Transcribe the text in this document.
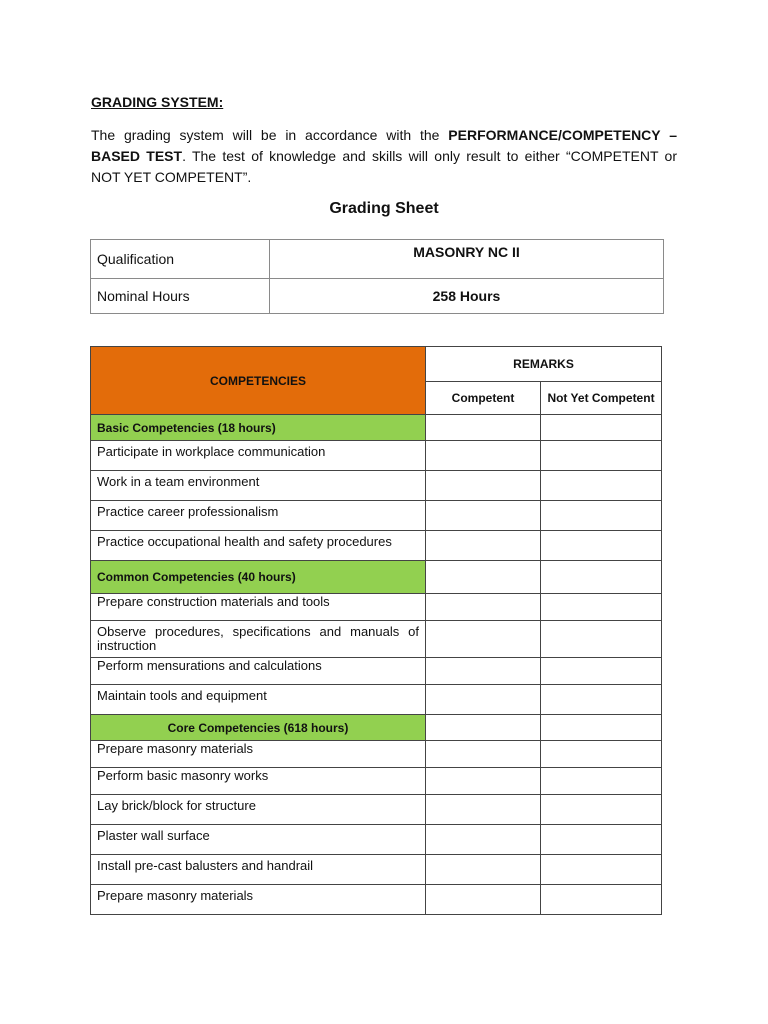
GRADING SYSTEM:
The grading system will be in accordance with the PERFORMANCE/COMPETENCY – BASED TEST. The test of knowledge and skills will only result to either “COMPETENT or NOT YET COMPETENT”.
Grading Sheet
Qualification	MASONRY NC II
Nominal Hours	258 Hours
COMPETENCIES	REMARKS	
	Competent	Not Yet Competent
Basic Competencies (18 hours)		
Participate in workplace communication		
Work in a team environment		
Practice career professionalism		
Practice occupational health and safety procedures		
Common Competencies (40 hours)		
Prepare construction materials and tools		
Observe procedures, specifications and manuals of instruction		
Perform mensurations and calculations		
Maintain tools and equipment		
Core Competencies (618 hours)		
Prepare masonry materials		
Perform basic masonry works		
Lay brick/block for structure		
Plaster wall surface		
Install pre-cast balusters and handrail		
Prepare masonry materials		
